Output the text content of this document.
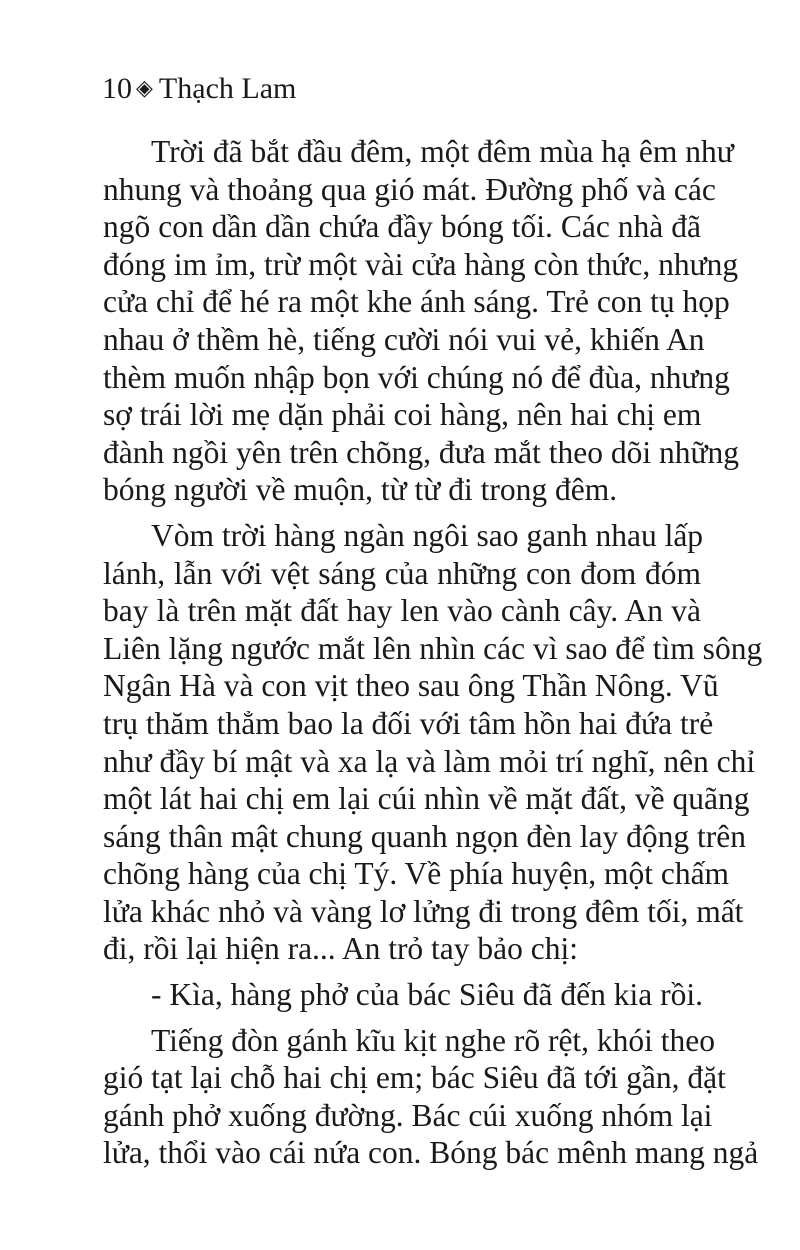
10 ◈ Thạch Lam
Trời đã bắt đầu đêm, một đêm mùa hạ êm như
nhung và thoảng qua gió mát. Đường phố và các
ngõ con dần dần chứa đầy bóng tối. Các nhà đã
đóng im ỉm, trừ một vài cửa hàng còn thức, nhưng
cửa chỉ để hé ra một khe ánh sáng. Trẻ con tụ họp
nhau ở thềm hè, tiếng cười nói vui vẻ, khiến An
thèm muốn nhập bọn với chúng nó để đùa, nhưng
sợ trái lời mẹ dặn phải coi hàng, nên hai chị em
đành ngồi yên trên chõng, đưa mắt theo dõi những
bóng người về muộn, từ từ đi trong đêm.
Vòm trời hàng ngàn ngôi sao ganh nhau lấp
lánh, lẫn với vệt sáng của những con đom đóm
bay là trên mặt đất hay len vào cành cây. An và
Liên lặng ngước mắt lên nhìn các vì sao để tìm sông
Ngân Hà và con vịt theo sau ông Thần Nông. Vũ
trụ thăm thẳm bao la đối với tâm hồn hai đứa trẻ
như đầy bí mật và xa lạ và làm mỏi trí nghĩ, nên chỉ
một lát hai chị em lại cúi nhìn về mặt đất, về quãng
sáng thân mật chung quanh ngọn đèn lay động trên
chõng hàng của chị Tý. Về phía huyện, một chấm
lửa khác nhỏ và vàng lơ lửng đi trong đêm tối, mất
đi, rồi lại hiện ra... An trỏ tay bảo chị:
- Kìa, hàng phở của bác Siêu đã đến kia rồi.
Tiếng đòn gánh kĩu kịt nghe rõ rệt, khói theo
gió tạt lại chỗ hai chị em; bác Siêu đã tới gần, đặt
gánh phở xuống đường. Bác cúi xuống nhóm lại
lửa, thổi vào cái nứa con. Bóng bác mênh mang ngả
